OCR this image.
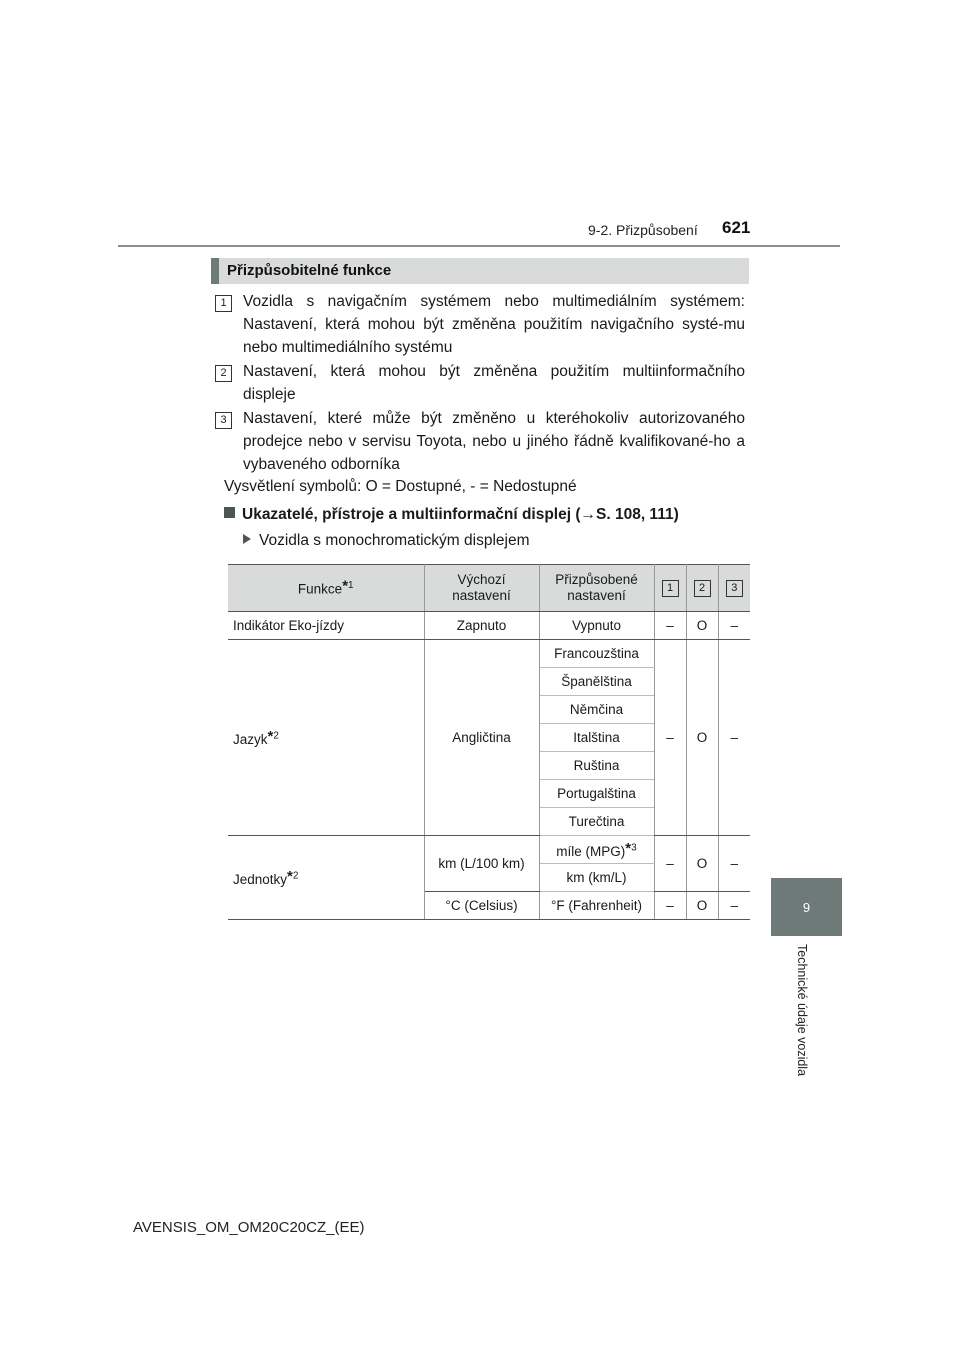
9-2. Přizpůsobení 621
9
Technické údaje vozidla
Přizpůsobitelné funkce
1	Vozidla s navigačním systémem nebo multimediálním systémem: Nastavení, která mohou být změněna použitím navigačního systé-mu nebo multimediálního systému
2	Nastavení, která mohou být změněna použitím multiinformačního displeje
3	Nastavení, které může být změněno u kteréhokoliv autorizovaného prodejce nebo v servisu Toyota, nebo u jiného řádně kvalifikované-ho a vybaveného odborníka
Vysvětlení symbolů: O = Dostupné, - = Nedostupné
Ukazatelé, přístroje a multiinformační displej (→S. 108, 111)
Vozidla s monochromatickým displejem
Funkce*$^1$	Výchozí nastavení	Přizpůsobené nastavení	1	2	3
Indikátor Eko-jízdy	Zapnuto	Vypnuto	–	O	–
Jazyk*$^2$	Angličtina	Francouzština	–	O	–
		Španělština			
		Němčina			
		Italština			
		Ruština			
		Portugalština			
		Turečtina			
Jednotky*$^2$	km (L/100 km)	míle (MPG)*$^3$	–	O	–
		km (km/L)			
	°C (Celsius)	°F (Fahrenheit)	–	O	–
AVENSIS_OM_OM20C20CZ_(EE)
